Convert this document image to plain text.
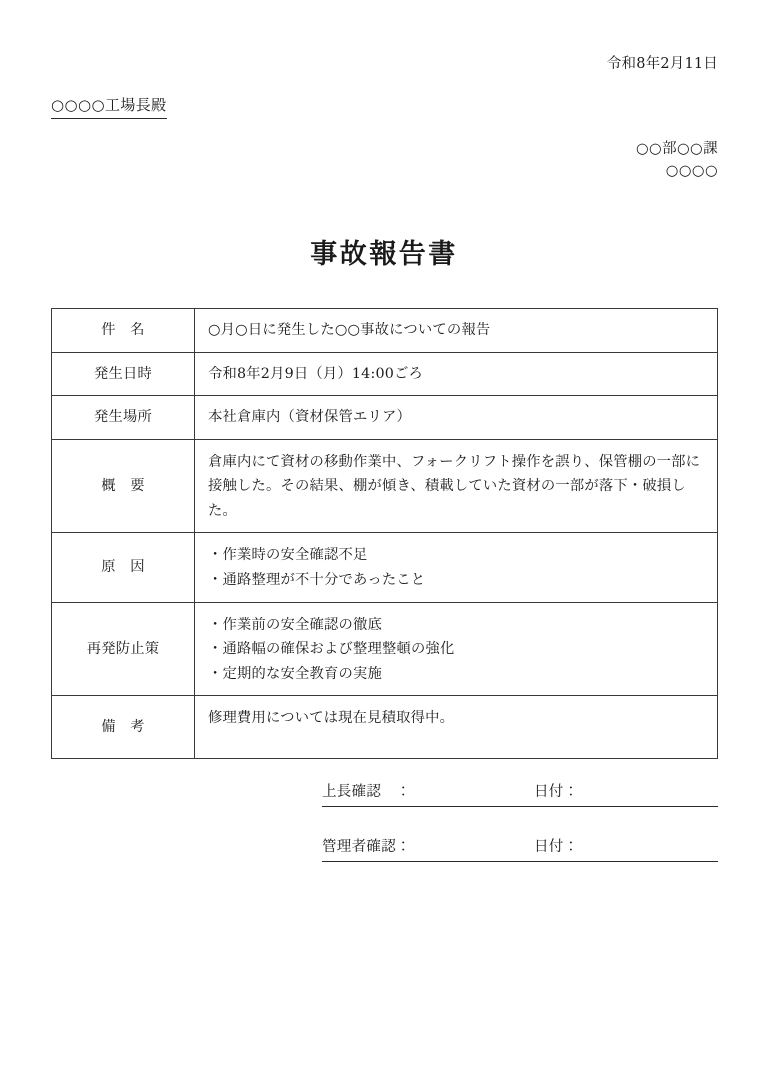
令和8年2月11日
○○○○工場長殿
○○部○○課
○○○○
事故報告書
件　名	○月○日に発生した○○事故についての報告
発生日時	令和8年2月9日（月）14:00ごろ
発生場所	本社倉庫内（資材保管エリア）
概　要	倉庫内にて資材の移動作業中、フォークリフト操作を誤り、保管棚の一部に接触した。その結果、棚が傾き、積載していた資材の一部が落下・破損した。

原　因	・作業時の安全確認不足
・通路整理が不十分であったこと

再発防止策	・作業前の安全確認の徹底
・通路幅の確保および整理整頓の強化
・定期的な安全教育の実施

備　考	修理費用については現在見積取得中。
上長確認　：	日付：
管理者確認：	日付：
